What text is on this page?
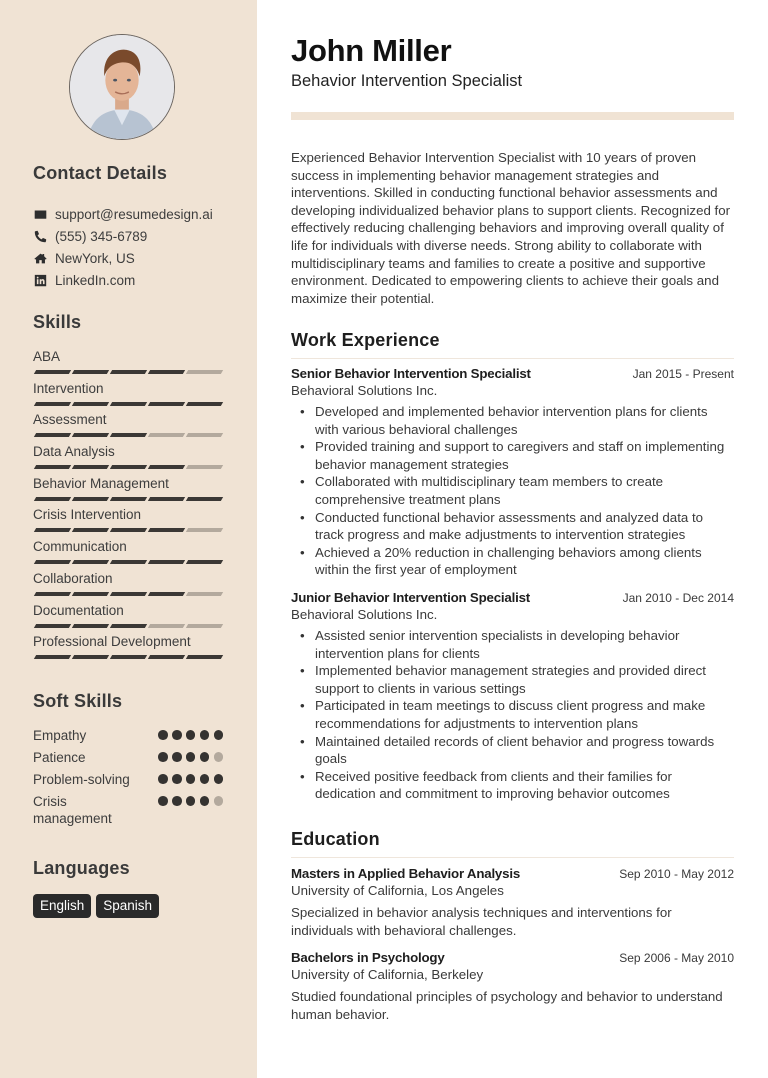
Contact Details
support@resumedesign.ai
(555) 345-6789
NewYork, US
LinkedIn.com
Skills
ABA
Intervention
Assessment
Data Analysis
Behavior Management
Crisis Intervention
Communication
Collaboration
Documentation
Professional Development
Soft Skills
Empathy
Patience
Problem-solving
Crisis management
Languages
English	Spanish
John Miller
Behavior Intervention Specialist

Experienced Behavior Intervention Specialist with 10 years of proven success in implementing behavior management strategies and interventions. Skilled in conducting functional behavior assessments and developing individualized behavior plans to support clients. Recognized for effectively reducing challenging behaviors and improving overall quality of life for individuals with diverse needs. Strong ability to collaborate with multidisciplinary teams and families to create a positive and supportive environment. Dedicated to empowering clients to achieve their goals and maximize their potential.

Work Experience
Senior Behavior Intervention Specialist	Jan 2015 - Present
Behavioral Solutions Inc.
• Developed and implemented behavior intervention plans for clients with various behavioral challenges
• Provided training and support to caregivers and staff on implementing behavior management strategies
• Collaborated with multidisciplinary team members to create comprehensive treatment plans
• Conducted functional behavior assessments and analyzed data to track progress and make adjustments to intervention strategies
• Achieved a 20% reduction in challenging behaviors among clients within the first year of employment
Junior Behavior Intervention Specialist	Jan 2010 - Dec 2014
Behavioral Solutions Inc.
• Assisted senior intervention specialists in developing behavior intervention plans for clients
• Implemented behavior management strategies and provided direct support to clients in various settings
• Participated in team meetings to discuss client progress and make recommendations for adjustments to intervention plans
• Maintained detailed records of client behavior and progress towards goals
• Received positive feedback from clients and their families for dedication and commitment to improving behavior outcomes
Education
Masters in Applied Behavior Analysis	Sep 2010 - May 2012
University of California, Los Angeles

Specialized in behavior analysis techniques and interventions for individuals with behavioral challenges.

Bachelors in Psychology	Sep 2006 - May 2010
University of California, Berkeley

Studied foundational principles of psychology and behavior to understand human behavior.
